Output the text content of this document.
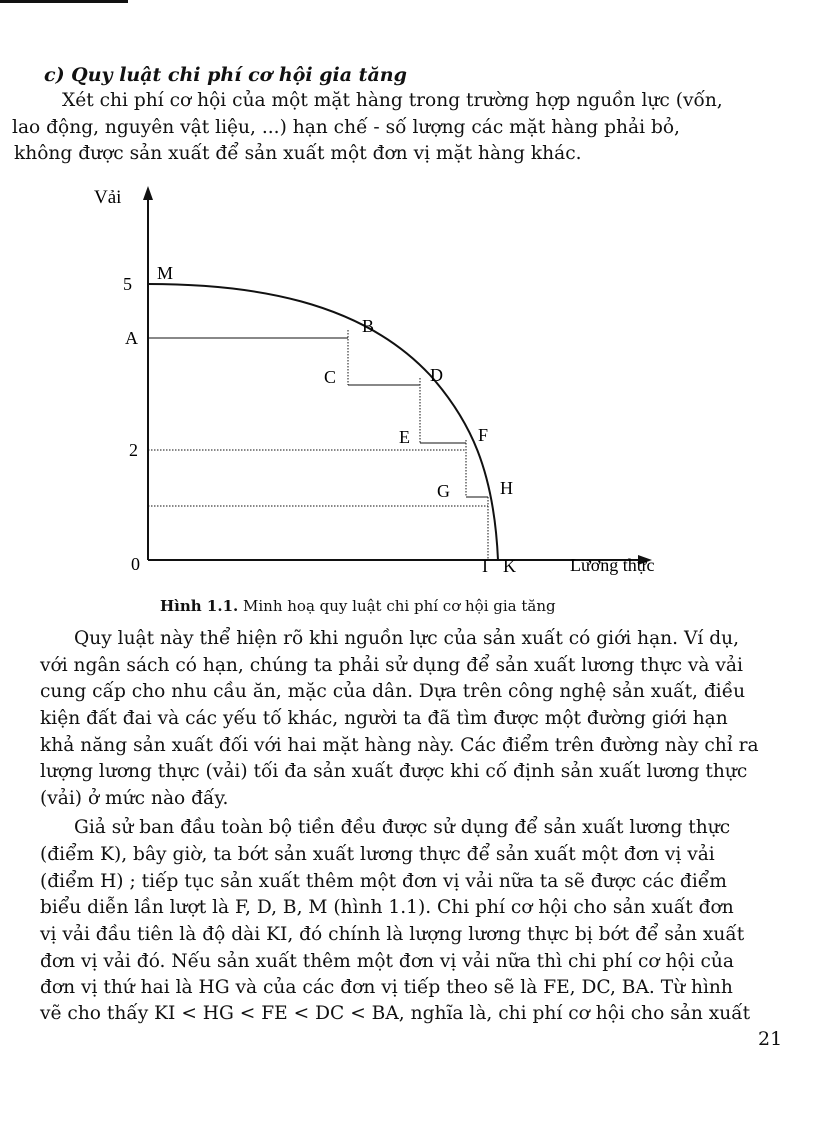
c) Quy luật chi phí cơ hội gia tăng
Xét chi phí cơ hội của một mặt hàng trong trường hợp nguồn lực (vốn,
lao động, nguyên vật liệu, ...) hạn chế - số lượng các mặt hàng phải bỏ,
không được sản xuất để sản xuất một đơn vị mặt hàng khác.
Vải
Lương thực
5
A
2
0
M
B
C	D
E	F
G	H
I K
Hình 1.1. Minh hoạ quy luật chi phí cơ hội gia tăng
Quy luật này thể hiện rõ khi nguồn lực của sản xuất có giới hạn. Ví dụ,
với ngân sách có hạn, chúng ta phải sử dụng để sản xuất lương thực và vải
cung cấp cho nhu cầu ăn, mặc của dân. Dựa trên công nghệ sản xuất, điều
kiện đất đai và các yếu tố khác, người ta đã tìm được một đường giới hạn
khả năng sản xuất đối với hai mặt hàng này. Các điểm trên đường này chỉ ra
lượng lương thực (vải) tối đa sản xuất được khi cố định sản xuất lương thực
(vải) ở mức nào đấy.
Giả sử ban đầu toàn bộ tiền đều được sử dụng để sản xuất lương thực
(điểm K), bây giờ, ta bớt sản xuất lương thực để sản xuất một đơn vị vải
(điểm H) ; tiếp tục sản xuất thêm một đơn vị vải nữa ta sẽ được các điểm
biểu diễn lần lượt là F, D, B, M (hình 1.1). Chi phí cơ hội cho sản xuất đơn
vị vải đầu tiên là độ dài KI, đó chính là lượng lương thực bị bớt để sản xuất
đơn vị vải đó. Nếu sản xuất thêm một đơn vị vải nữa thì chi phí cơ hội của
đơn vị thứ hai là HG và của các đơn vị tiếp theo sẽ là FE, DC, BA. Từ hình
vẽ cho thấy KI < HG < FE < DC < BA, nghĩa là, chi phí cơ hội cho sản xuất
21
